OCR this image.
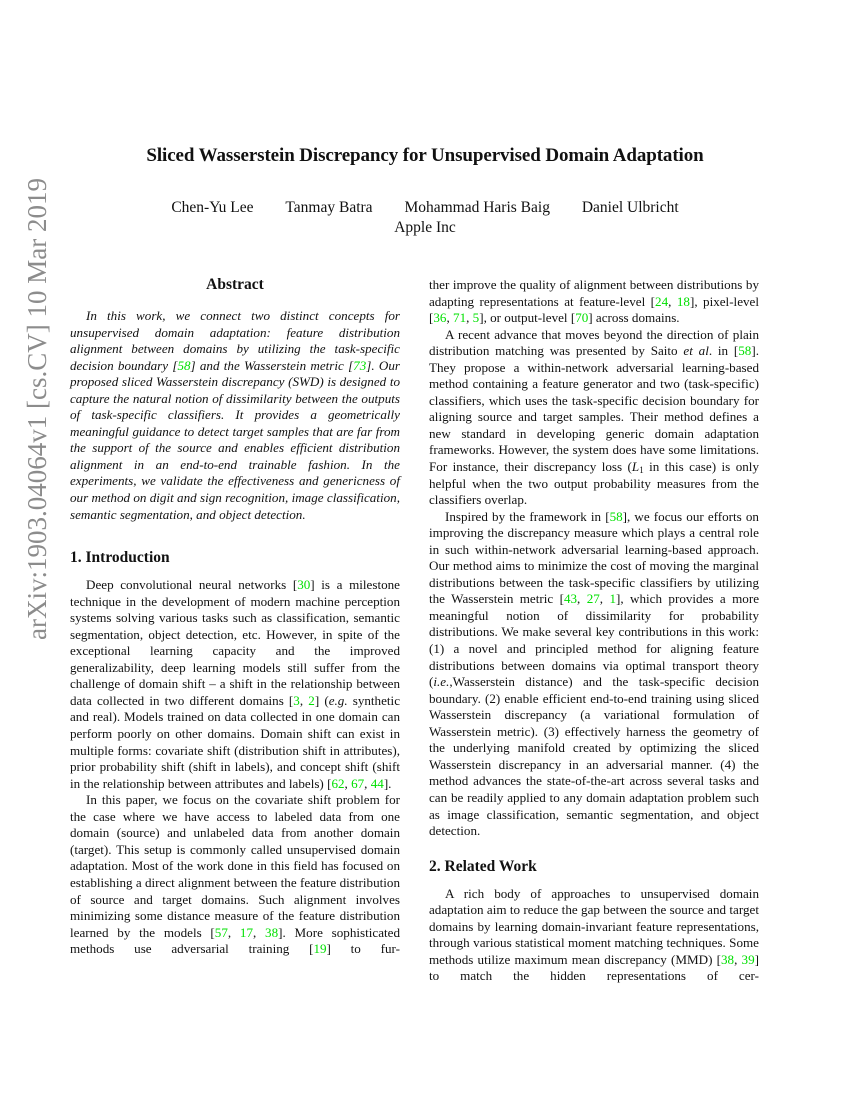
arXiv:1903.04064v1 [cs.CV] 10 Mar 2019
Sliced Wasserstein Discrepancy for Unsupervised Domain Adaptation
Chen-Yu Lee Tanmay Batra Mohammad Haris Baig Daniel Ulbricht
Apple Inc
Abstract

In this work, we connect two distinct concepts for unsupervised domain adaptation: feature distribution alignment between domains by utilizing the task-specific decision boundary [58] and the Wasserstein metric [73]. Our proposed sliced Wasserstein discrepancy (SWD) is designed to capture the natural notion of dissimilarity between the outputs of task-specific classifiers. It provides a geometrically meaningful guidance to detect target samples that are far from the support of the source and enables efficient distribution alignment in an end-to-end trainable fashion. In the experiments, we validate the effectiveness and genericness of our method on digit and sign recognition, image classification, semantic segmentation, and object detection.

1. Introduction

Deep convolutional neural networks [30] is a milestone technique in the development of modern machine perception systems solving various tasks such as classification, semantic segmentation, object detection, etc. However, in spite of the exceptional learning capacity and the improved generalizability, deep learning models still suffer from the challenge of domain shift – a shift in the relationship between data collected in two different domains [3, 2] (e.g. synthetic and real). Models trained on data collected in one domain can perform poorly on other domains. Domain shift can exist in multiple forms: covariate shift (distribution shift in attributes), prior probability shift (shift in labels), and concept shift (shift in the relationship between attributes and labels) [62, 67, 44].

In this paper, we focus on the covariate shift problem for the case where we have access to labeled data from one domain (source) and unlabeled data from another domain (target). This setup is commonly called unsupervised domain adaptation. Most of the work done in this field has focused on establishing a direct alignment between the feature distribution of source and target domains. Such alignment involves minimizing some distance measure of the feature distribution learned by the models [57, 17, 38]. More sophisticated methods use adversarial training [19] to fur-

ther improve the quality of alignment between distributions by adapting representations at feature-level [24, 18], pixel-level [36, 71, 5], or output-level [70] across domains.

A recent advance that moves beyond the direction of plain distribution matching was presented by Saito et al. in [58]. They propose a within-network adversarial learning-based method containing a feature generator and two (task-specific) classifiers, which uses the task-specific decision boundary for aligning source and target samples. Their method defines a new standard in developing generic domain adaptation frameworks. However, the system does have some limitations. For instance, their discrepancy loss ($L_1$ in this case) is only helpful when the two output probability measures from the classifiers overlap.

Inspired by the framework in [58], we focus our efforts on improving the discrepancy measure which plays a central role in such within-network adversarial learning-based approach. Our method aims to minimize the cost of moving the marginal distributions between the task-specific classifiers by utilizing the Wasserstein metric [43, 27, 1], which provides a more meaningful notion of dissimilarity for probability distributions. We make several key contributions in this work: (1) a novel and principled method for aligning feature distributions between domains via optimal transport theory (i.e.,Wasserstein distance) and the task-specific decision boundary. (2) enable efficient end-to-end training using sliced Wasserstein discrepancy (a variational formulation of Wasserstein metric). (3) effectively harness the geometry of the underlying manifold created by optimizing the sliced Wasserstein discrepancy in an adversarial manner. (4) the method advances the state-of-the-art across several tasks and can be readily applied to any domain adaptation problem such as image classification, semantic segmentation, and object detection.

2. Related Work

A rich body of approaches to unsupervised domain adaptation aim to reduce the gap between the source and target domains by learning domain-invariant feature representations, through various statistical moment matching techniques. Some methods utilize maximum mean discrepancy (MMD) [38, 39] to match the hidden representations of cer-
